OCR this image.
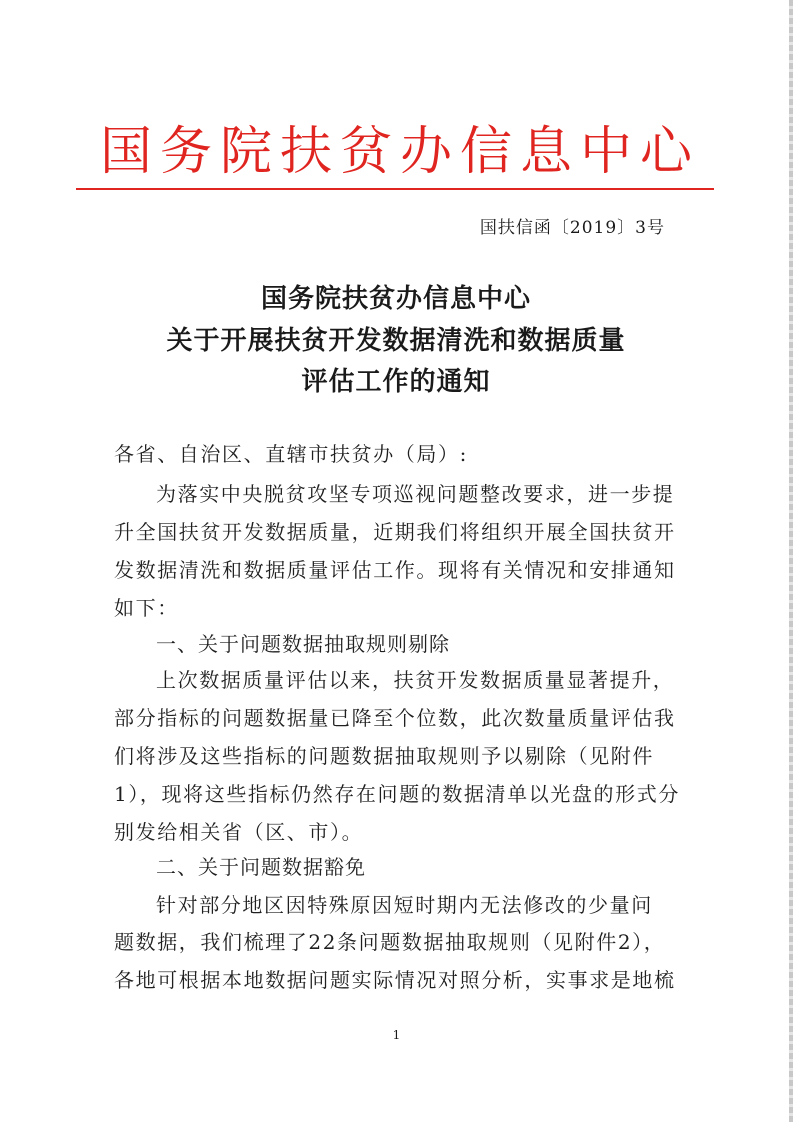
国务院扶贫办信息中心
国扶信函〔2019〕3号
国务院扶贫办信息中心
关于开展扶贫开发数据清洗和数据质量
评估工作的通知
各省、自治区、直辖市扶贫办（局）:
为落实中央脱贫攻坚专项巡视问题整改要求，进一步提
升全国扶贫开发数据质量，近期我们将组织开展全国扶贫开
发数据清洗和数据质量评估工作。现将有关情况和安排通知
如下：
一、关于问题数据抽取规则剔除
上次数据质量评估以来，扶贫开发数据质量显著提升，
部分指标的问题数据量已降至个位数，此次数量质量评估我
们将涉及这些指标的问题数据抽取规则予以剔除（见附件
1），现将这些指标仍然存在问题的数据清单以光盘的形式分
别发给相关省（区、市）。
二、关于问题数据豁免
针对部分地区因特殊原因短时期内无法修改的少量问
题数据，我们梳理了22条问题数据抽取规则（见附件2），
各地可根据本地数据问题实际情况对照分析，实事求是地梳
1
